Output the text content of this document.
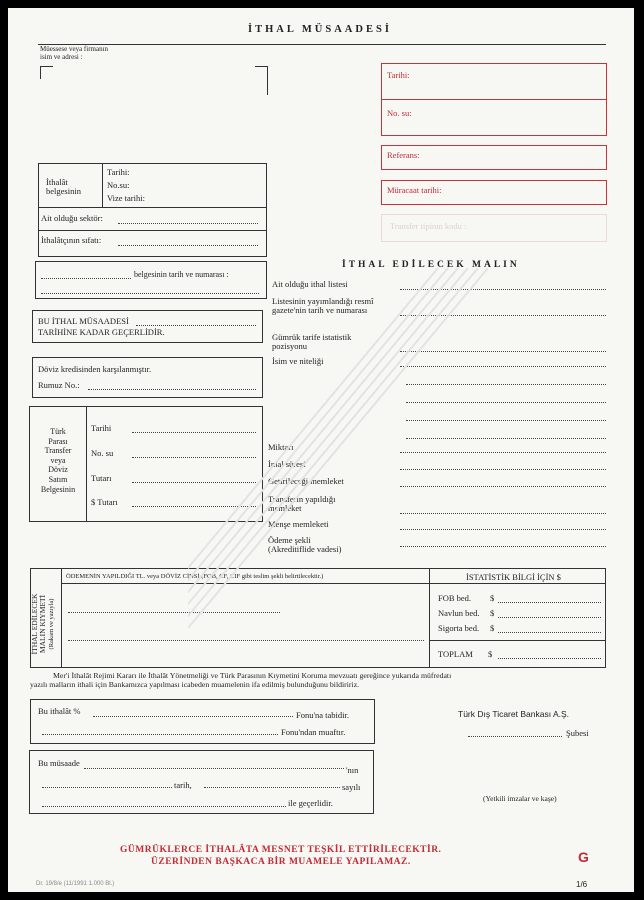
İTHAL MÜSAADESİ
Müessese veya firmanın
isim ve adresi :
İthalât
belgesinin
Tarihi:
No.su:
Vize tarihi:
Ait olduğu sektör:
İthalâtçının sıfatı:
Tarihi:
No. su:
Referans:
Müracaat tarihi:
Transfer tipinin kodu :
belgesinin tarih ve numarası :
BU İTHAL MÜSAADESİ
TARİHİNE KADAR GEÇERLİDİR.
Döviz kredisinden karşılanmıştır.
Rumuz No.:
Türk
Parası
Transfer
veya
Döviz
Satım
Belgesinin
Tarihi
No. su
Tutarı
$ Tutarı
İTHAL EDİLECEK MALIN
Ait olduğu ithal listesi
Listesinin yayımlandığı resmî
gazete'nin tarih ve numarası
Gümrük tarife istatistik
pozisyonu
İsim ve niteliği
Miktarı
İmal süresi
Getirileceği memleket
Transferin yapıldığı
memleket
Menşe memleketi
Ödeme şekli
(Akreditiflide vadesi)
İTHAL EDİLECEK MALIN KIYMETİ (Rakam ve yazıyla)
ÖDEMENİN YAPILDIĞI TL. veya DÖVİZ CİNSİ (FOB, CF, CIF gibi teslim şekli belirtilecektir.)	İSTATİSTİK BİLGİ İÇİN $
FOB bed. $
Navlun bed. $
Sigorta bed. $
TOPLAM $
Mer'i İthalât Rejimi Kararı ile İthalât Yönetmeliği ve Türk Parasının Kıymetini Koruma mevzuatı gereğince yukarıda müfredatı
yazılı malların ithali için Bankamızca yapılması icabeden muamelenin ifa edilmiş bulunduğunu bildiririz.
Bu ithalât %	Fonu'na tabidir.
Fonu'ndan muaftır.
Türk Dış Ticaret Bankası A.Ş.
Şubesi
(Yetkili imzalar ve kaşe)
Bu müsaade
'nın
tarih,	sayılı
ile geçerlidir.
GÜMRÜKLERCE İTHALÂTA MESNET TEŞKİL ETTİRİLECEKTİR.
ÜZERİNDEN BAŞKACA BİR MUAMELE YAPILAMAZ.	G
Dr. 19/8/e (11/1991 1.000 Bl.)	1/6
